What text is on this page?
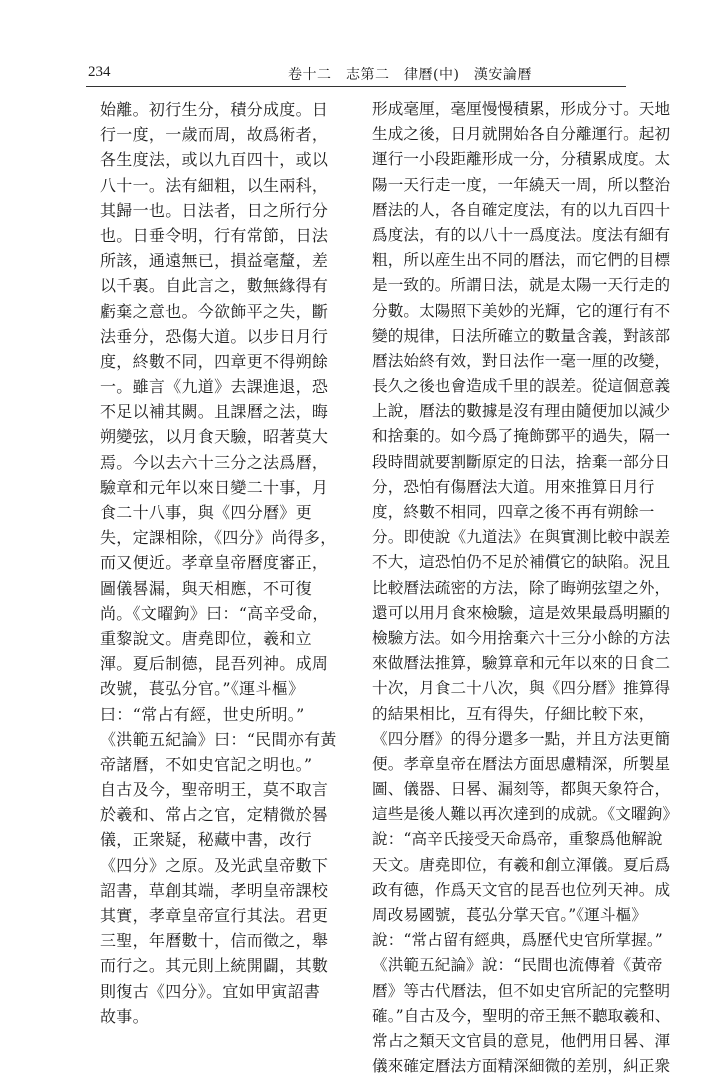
234	卷十二　志第二　律曆(中)　漢安論曆
始離。初行生分，積分成度。日
行一度，一歲而周，故爲術者，
各生度法，或以九百四十，或以
八十一。法有細粗，以生兩科，
其歸一也。日法者，日之所行分
也。日垂令明，行有常節，日法
所該，通遠無已，損益毫釐，差
以千裏。自此言之，數無緣得有
虧棄之意也。今欲飾平之失，斷
法垂分，恐傷大道。以步日月行
度，終數不同，四章更不得朔餘
一。雖言《九道》去課進退，恐
不足以補其闕。且課曆之法，晦
朔變弦，以月食天驗，昭著莫大
焉。今以去六十三分之法爲曆，
驗章和元年以來日變二十事，月
食二十八事，與《四分曆》更
失，定課相除，《四分》尚得多，
而又便近。孝章皇帝曆度審正，
圖儀晷漏，與天相應，不可復
尚。《文曜鉤》曰：“高辛受命，
重黎說文。唐堯即位，羲和立
渾。夏后制德，昆吾列神。成周
改號，萇弘分官。”《運斗樞》
曰：“常占有經，世史所明。”
《洪範五紀論》曰：“民間亦有黃
帝諸曆，不如史官記之明也。”
自古及今，聖帝明王，莫不取言
於羲和、常占之官，定精微於晷
儀，正衆疑，秘藏中書，改行
《四分》之原。及光武皇帝數下
詔書，草創其端，孝明皇帝課校
其實，孝章皇帝宣行其法。君更
三聖，年曆數十，信而徵之，舉
而行之。其元則上統開闢，其數
則復古《四分》。宜如甲寅詔書
故事。
形成毫厘，毫厘慢慢積累，形成分寸。天地
生成之後，日月就開始各自分離運行。起初
運行一小段距離形成一分，分積累成度。太
陽一天行走一度，一年繞天一周，所以整治
曆法的人，各自確定度法，有的以九百四十
爲度法，有的以八十一爲度法。度法有細有
粗，所以産生出不同的曆法，而它們的目標
是一致的。所謂日法，就是太陽一天行走的
分數。太陽照下美妙的光輝，它的運行有不
變的規律，日法所確立的數量含義，對該部
曆法始終有效，對日法作一毫一厘的改變，
長久之後也會造成千里的誤差。從這個意義
上說，曆法的數據是沒有理由隨便加以減少
和捨棄的。如今爲了掩飾鄧平的過失，隔一
段時間就要割斷原定的日法，捨棄一部分日
分，恐怕有傷曆法大道。用來推算日月行
度，終數不相同，四章之後不再有朔餘一
分。即使說《九道法》在與實測比較中誤差
不大，這恐怕仍不足於補償它的缺陷。況且
比較曆法疏密的方法，除了晦朔弦望之外，
還可以用月食來檢驗，這是效果最爲明顯的
檢驗方法。如今用捨棄六十三分小餘的方法
來做曆法推算，驗算章和元年以來的日食二
十次，月食二十八次，與《四分曆》推算得
的結果相比，互有得失，仔細比較下來，
《四分曆》的得分還多一點，并且方法更簡
便。孝章皇帝在曆法方面思慮精深，所製星
圖、儀器、日晷、漏刻等，都與天象符合，
這些是後人難以再次達到的成就。《文曜鉤》
說：“高辛氏接受天命爲帝，重黎爲他解說
天文。唐堯即位，有羲和創立渾儀。夏后爲
政有德，作爲天文官的昆吾也位列天神。成
周改易國號，萇弘分掌天官。”《運斗樞》
說：“常占留有經典，爲歷代史官所掌握。”
《洪範五紀論》說：“民間也流傳着《黃帝
曆》等古代曆法，但不如史官所記的完整明
確。”自古及今，聖明的帝王無不聽取羲和、
常占之類天文官員的意見，他們用日晷、渾
儀來確定曆法方面精深細微的差別，糾正衆
